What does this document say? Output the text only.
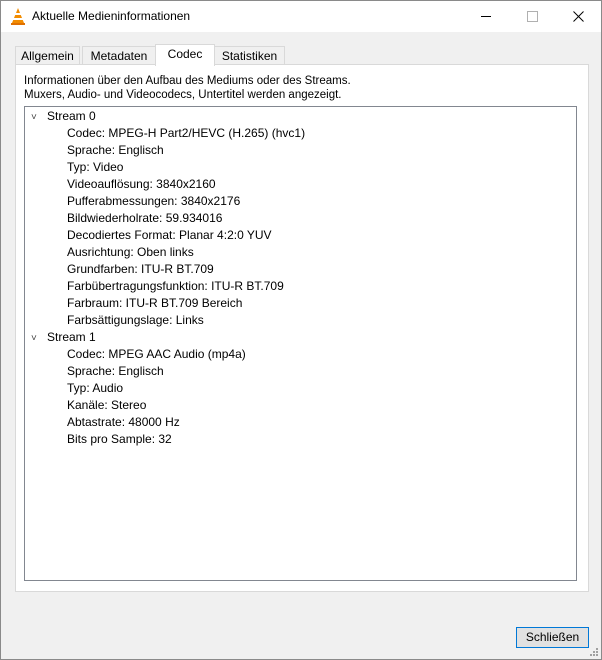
Aktuelle Medieninformationen
Allgemein	Metadaten	Codec	Statistiken
Informationen über den Aufbau des Mediums oder des Streams.
Muxers, Audio- und Videocodecs, Untertitel werden angezeigt.
˅ Stream 0
Codec: MPEG-H Part2/HEVC (H.265) (hvc1)
Sprache: Englisch
Typ: Video
Videoauflösung: 3840x2160
Pufferabmessungen: 3840x2176
Bildwiederholrate: 59.934016
Decodiertes Format: Planar 4:2:0 YUV
Ausrichtung: Oben links
Grundfarben: ITU-R BT.709
Farbübertragungsfunktion: ITU-R BT.709
Farbraum: ITU-R BT.709 Bereich
Farbsättigungslage: Links
˅ Stream 1
Codec: MPEG AAC Audio (mp4a)
Sprache: Englisch
Typ: Audio
Kanäle: Stereo
Abtastrate: 48000 Hz
Bits pro Sample: 32
Schließen
